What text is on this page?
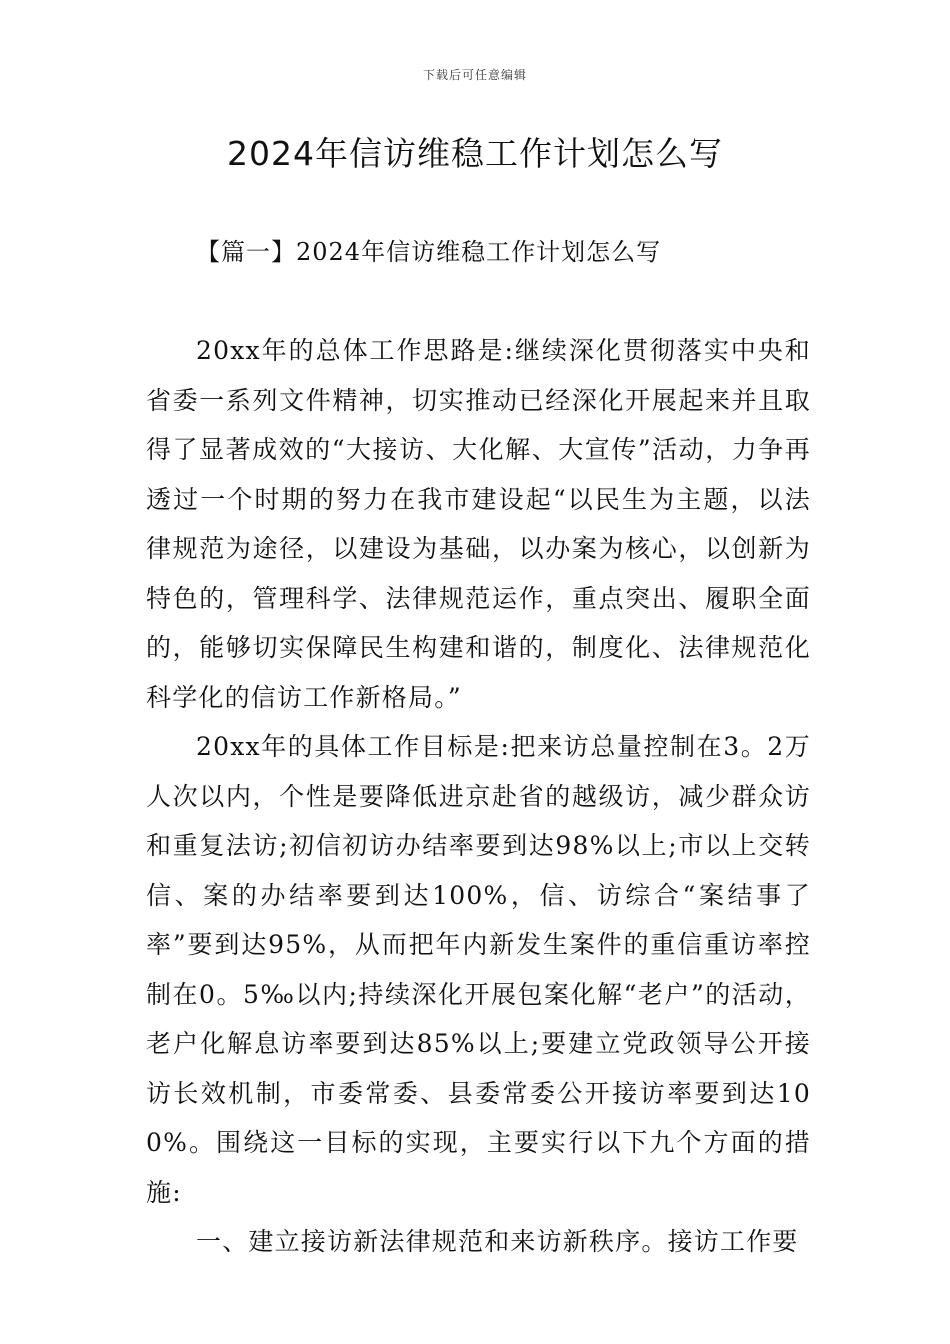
下载后可任意编辑
2024年信访维稳工作计划怎么写
【篇一】2024年信访维稳工作计划怎么写

20xx年的总体工作思路是:继续深化贯彻落实中央和省委一系列文件精神，切实推动已经深化开展起来并且取得了显著成效的“大接访、大化解、大宣传”活动，力争再透过一个时期的努力在我市建设起“以民生为主题，以法律规范为途径，以建设为基础，以办案为核心，以创新为特色的，管理科学、法律规范运作，重点突出、履职全面的，能够切实保障民生构建和谐的，制度化、法律规范化科学化的信访工作新格局。”

20xx年的具体工作目标是:把来访总量控制在3。2万人次以内，个性是要降低进京赴省的越级访，减少群众访和重复法访;初信初访办结率要到达98%以上;市以上交转信、案的办结率要到达100%，信、访综合“案结事了率”要到达95%，从而把年内新发生案件的重信重访率控制在0。5‰以内;持续深化开展包案化解“老户”的活动，老户化解息访率要到达85%以上;要建立党政领导公开接访长效机制，市委常委、县委常委公开接访率要到达100%。围绕这一目标的实现，主要实行以下九个方面的措施:

一、建立接访新法律规范和来访新秩序。接访工作要
